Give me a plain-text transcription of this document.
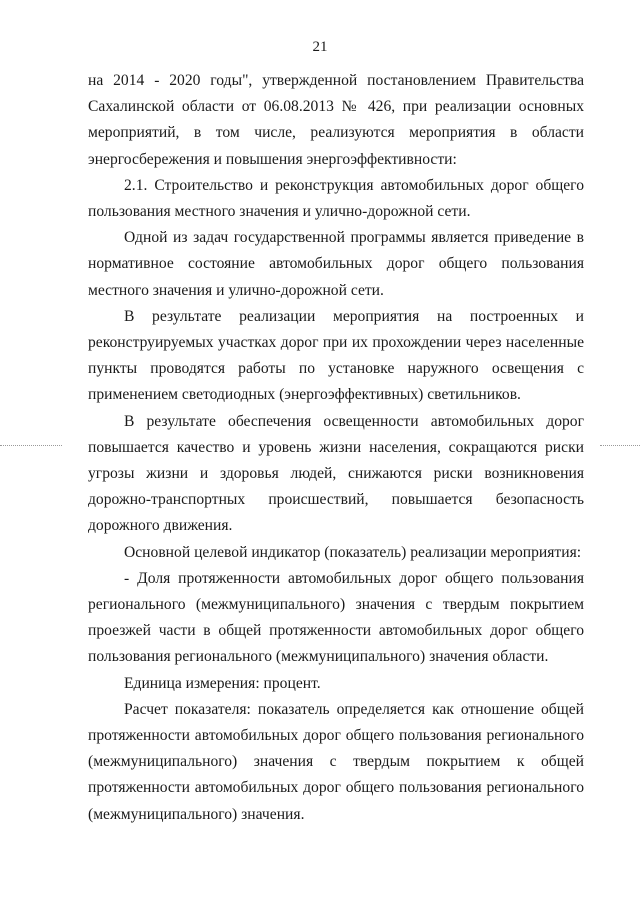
21

на 2014 - 2020 годы", утвержденной постановлением Правительства Сахалинской области от 06.08.2013 № 426, при реализации основных мероприятий, в том числе, реализуются мероприятия в области энергосбережения и повышения энергоэффективности:

2.1. Строительство и реконструкция автомобильных дорог общего пользования местного значения и улично-дорожной сети.

Одной из задач государственной программы является приведение в нормативное состояние автомобильных дорог общего пользования местного значения и улично-дорожной сети.

В результате реализации мероприятия на построенных и реконструируемых участках дорог при их прохождении через населенные пункты проводятся работы по установке наружного освещения с применением светодиодных (энергоэффективных) светильников.

В результате обеспечения освещенности автомобильных дорог повышается качество и уровень жизни населения, сокращаются риски угрозы жизни и здоровья людей, снижаются риски возникновения дорожно-транспортных происшествий, повышается безопасность дорожного движения.

Основной целевой индикатор (показатель) реализации мероприятия:

- Доля протяженности автомобильных дорог общего пользования регионального (межмуниципального) значения с твердым покрытием проезжей части в общей протяженности автомобильных дорог общего пользования регионального (межмуниципального) значения области.

Единица измерения: процент.

Расчет показателя: показатель определяется как отношение общей протяженности автомобильных дорог общего пользования регионального (межмуниципального) значения с твердым покрытием к общей протяженности автомобильных дорог общего пользования регионального (межмуниципального) значения.
